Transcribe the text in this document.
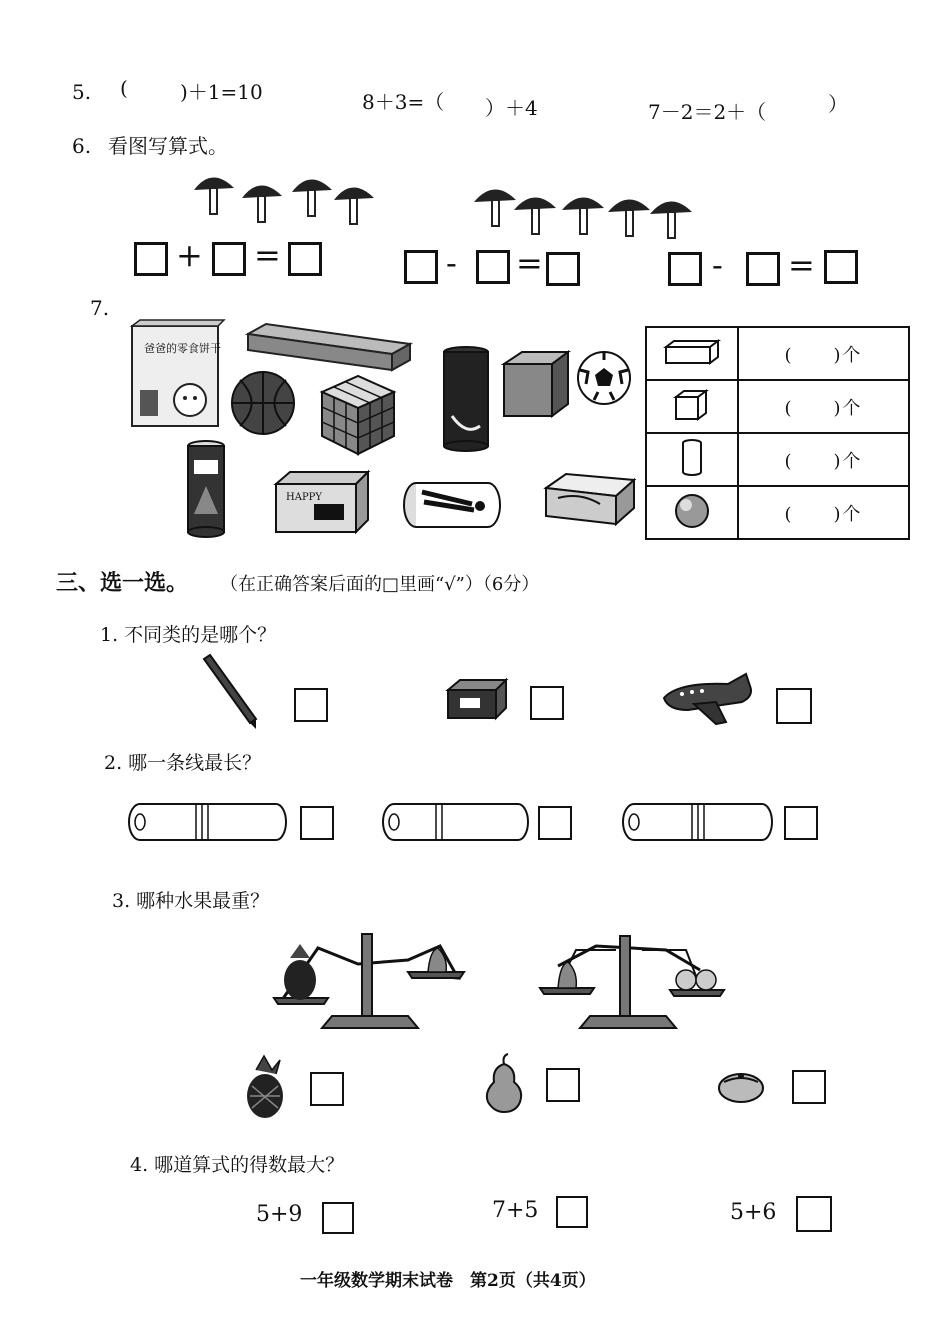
5. (	)＋1=10	8＋3=（ ）＋4	7－2＝2＋（	）
6. 看图写算式。
+ =	- =	- =
7.
爸爸的零食饼干
HAPPY
	(　　)个
	(　　)个
	(　　)个
	(　　)个
三、选一选。 （在正确答案后面的□里画“√”）（6分）
1. 不同类的是哪个？
2. 哪一条线最长？
3. 哪种水果最重？
4. 哪道算式的得数最大？
5+9	7+5	5+6
一年级数学期末试卷　第2页（共4页）
